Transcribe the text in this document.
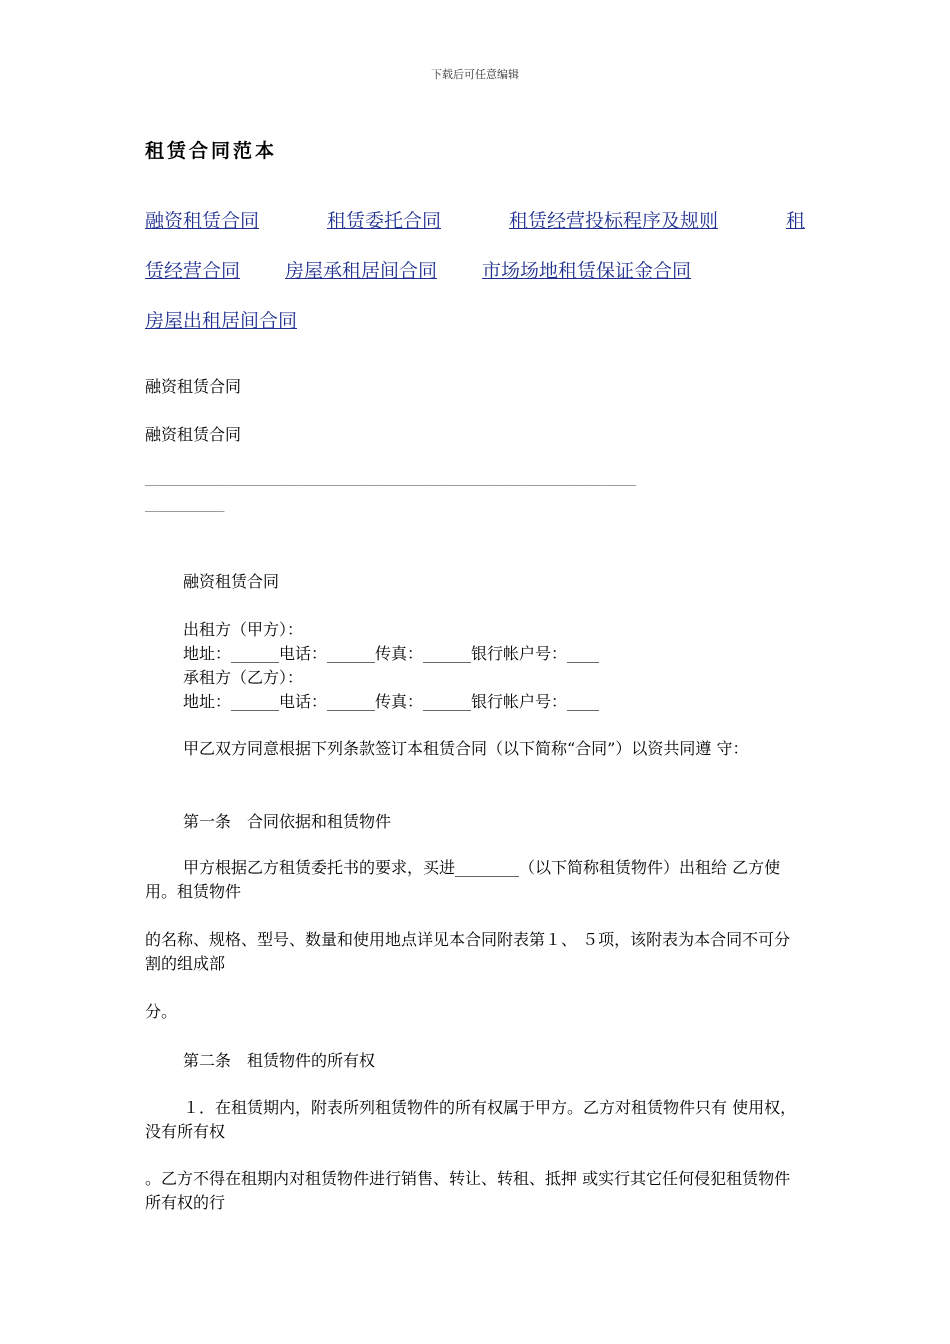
下载后可任意编辑
租赁合同范本
融资租赁合同	租赁委托合同	租赁经营投标程序及规则	租
赁经营合同 房屋承租居间合同 市场场地租赁保证金合同
房屋出租居间合同
融资租赁合同
融资租赁合同
____________________________________________________________________
___________
融资租赁合同
出租方（甲方）：
地址：______电话：______传真：______银行帐户号：____
承租方（乙方）：
地址：______电话：______传真：______银行帐户号：____
甲乙双方同意根据下列条款签订本租赁合同（以下简称“合同”）以资共同遵 守：
第一条　合同依据和租赁物件
甲方根据乙方租赁委托书的要求，买进________（以下简称租赁物件）出租给 乙方使用。租赁物件
的名称、规格、型号、数量和使用地点详见本合同附表第１、 ５项，该附表为本合同不可分割的组成部
分。
第二条　租赁物件的所有权
１．在租赁期内，附表所列租赁物件的所有权属于甲方。乙方对租赁物件只有 使用权，没有所有权
。乙方不得在租期内对租赁物件进行销售、转让、转租、抵押 或实行其它任何侵犯租赁物件所有权的行
